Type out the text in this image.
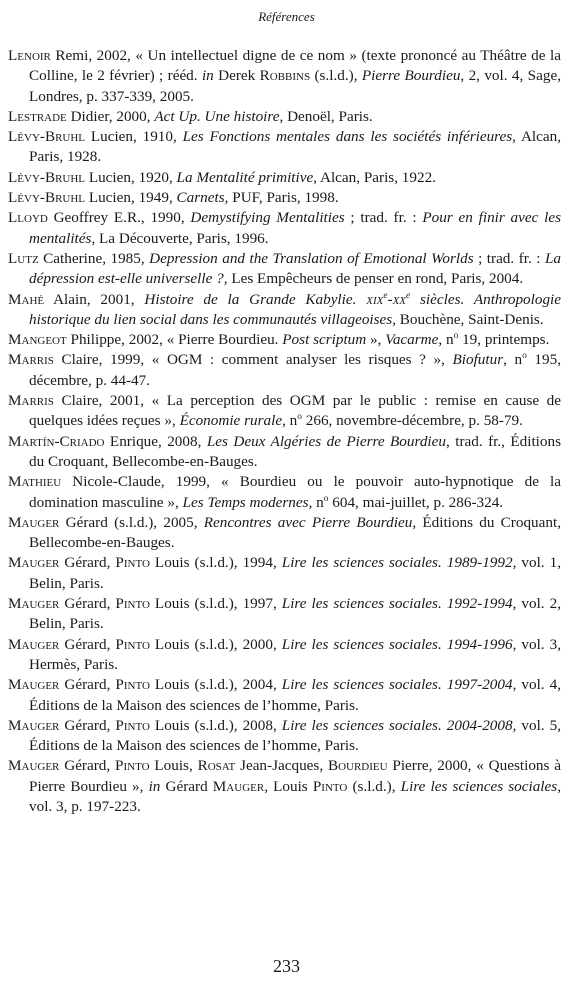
Références
Lenoir Remi, 2002, « Un intellectuel digne de ce nom » (texte prononcé au Théâtre de la Colline, le 2 février) ; rééd. in Derek Robbins (s.l.d.), Pierre Bourdieu, 2, vol. 4, Sage, Londres, p. 337-339, 2005.
Lestrade Didier, 2000, Act Up. Une histoire, Denoël, Paris.
Lévy-Bruhl Lucien, 1910, Les Fonctions mentales dans les sociétés inférieures, Alcan, Paris, 1928.
Lévy-Bruhl Lucien, 1920, La Mentalité primitive, Alcan, Paris, 1922.
Lévy-Bruhl Lucien, 1949, Carnets, PUF, Paris, 1998.
Lloyd Geoffrey E.R., 1990, Demystifying Mentalities ; trad. fr. : Pour en finir avec les mentalités, La Découverte, Paris, 1996.
Lutz Catherine, 1985, Depression and the Translation of Emotional Worlds ; trad. fr. : La dépression est-elle universelle ?, Les Empêcheurs de penser en rond, Paris, 2004.
Mahé Alain, 2001, Histoire de la Grande Kabylie. $xix^e-xx^e$ siècles. Anthropologie historique du lien social dans les communautés villageoises, Bouchène, Saint-Denis.
Mangeot Philippe, 2002, « Pierre Bourdieu. Post scriptum », Vacarme, $n^o$ 19, printemps.
Marris Claire, 1999, « OGM : comment analyser les risques ? », Biofutur, $n^o$ 195, décembre, p. 44-47.
Marris Claire, 2001, « La perception des OGM par le public : remise en cause de quelques idées reçues », Économie rurale, $n^o$ 266, novembre-décembre, p. 58-79.
Martín-Criado Enrique, 2008, Les Deux Algéries de Pierre Bourdieu, trad. fr., Éditions du Croquant, Bellecombe-en-Bauges.
Mathieu Nicole-Claude, 1999, « Bourdieu ou le pouvoir auto-hypnotique de la domination masculine », Les Temps modernes, $n^o$ 604, mai-juillet, p. 286-324.
Mauger Gérard (s.l.d.), 2005, Rencontres avec Pierre Bourdieu, Éditions du Croquant, Bellecombe-en-Bauges.
Mauger Gérard, Pinto Louis (s.l.d.), 1994, Lire les sciences sociales. 1989-1992, vol. 1, Belin, Paris.
Mauger Gérard, Pinto Louis (s.l.d.), 1997, Lire les sciences sociales. 1992-1994, vol. 2, Belin, Paris.
Mauger Gérard, Pinto Louis (s.l.d.), 2000, Lire les sciences sociales. 1994-1996, vol. 3, Hermès, Paris.
Mauger Gérard, Pinto Louis (s.l.d.), 2004, Lire les sciences sociales. 1997-2004, vol. 4, Éditions de la Maison des sciences de l’homme, Paris.
Mauger Gérard, Pinto Louis (s.l.d.), 2008, Lire les sciences sociales. 2004-2008, vol. 5, Éditions de la Maison des sciences de l’homme, Paris.
Mauger Gérard, Pinto Louis, Rosat Jean-Jacques, Bourdieu Pierre, 2000, « Questions à Pierre Bourdieu », in Gérard Mauger, Louis Pinto (s.l.d.), Lire les sciences sociales, vol. 3, p. 197-223.
233
